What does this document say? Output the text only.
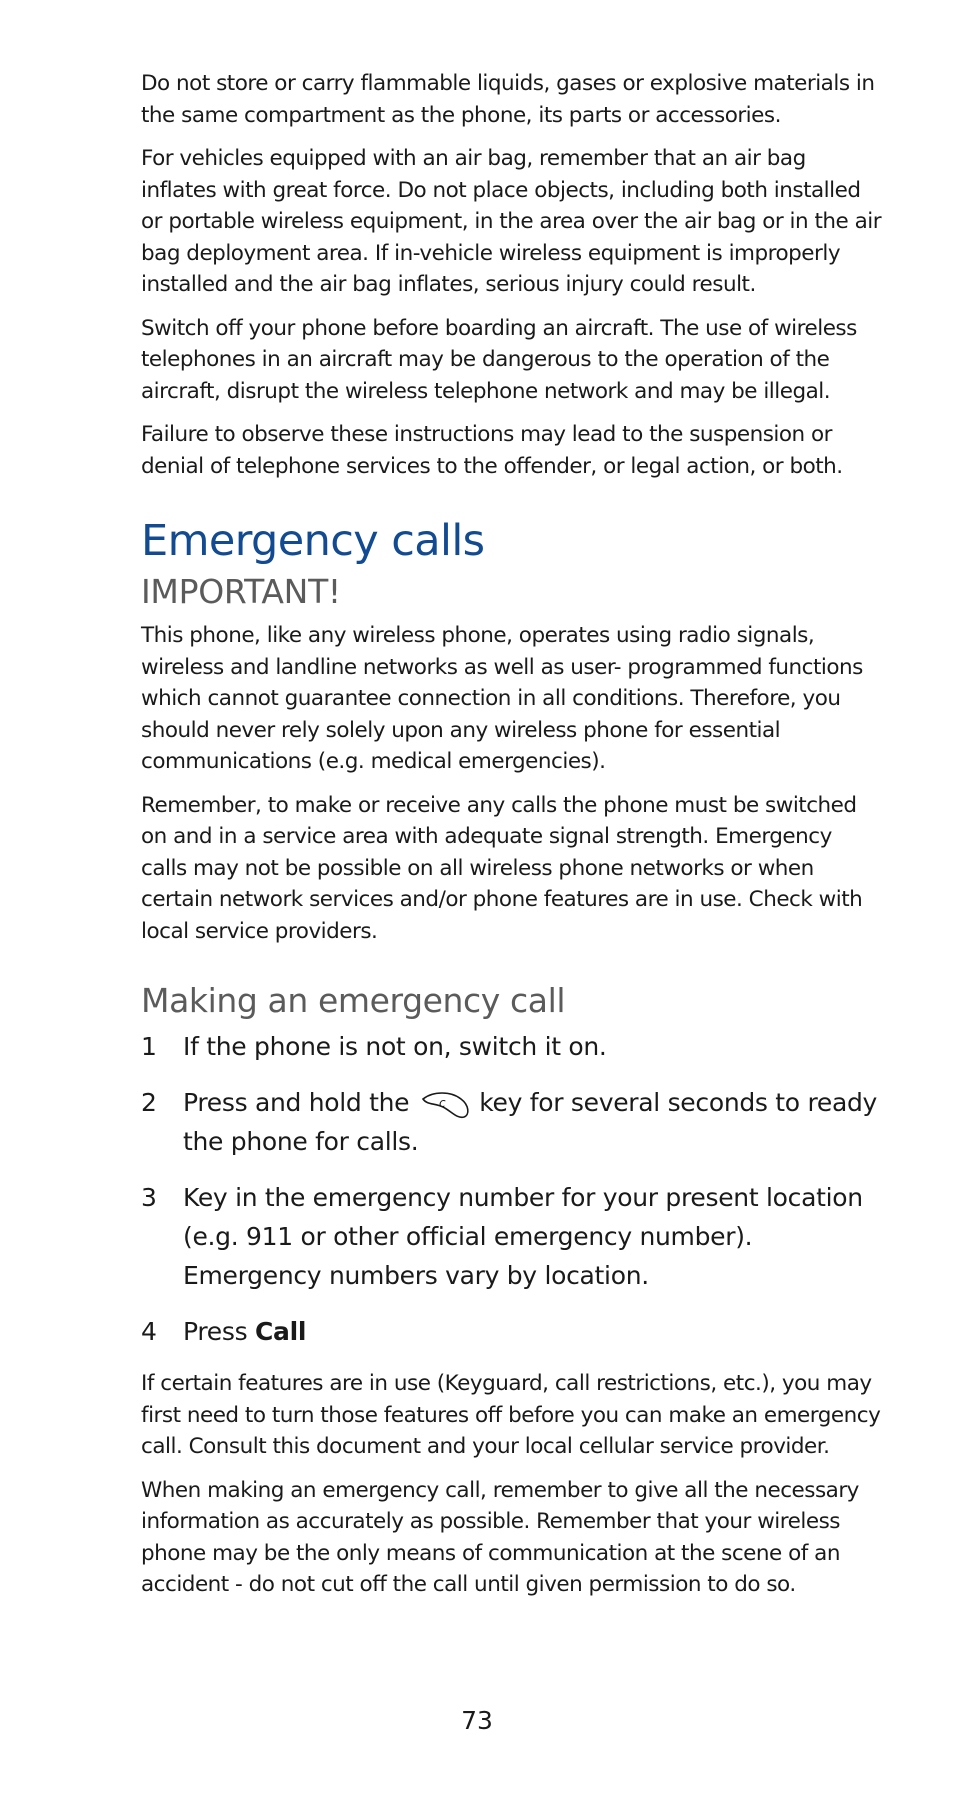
Do not store or carry flammable liquids, gases or explosive materials in the same compartment as the phone, its parts or accessories.

For vehicles equipped with an air bag, remember that an air bag inflates with great force. Do not place objects, including both installed or portable wireless equipment, in the area over the air bag or in the air bag deployment area. If in-vehicle wireless equipment is improperly installed and the air bag inflates, serious injury could result.

Switch off your phone before boarding an aircraft. The use of wireless telephones in an aircraft may be dangerous to the operation of the aircraft, disrupt the wireless telephone network and may be illegal.

Failure to observe these instructions may lead to the suspension or denial of telephone services to the offender, or legal action, or both.

Emergency calls
IMPORTANT!

This phone, like any wireless phone, operates using radio signals, wireless and landline networks as well as user- programmed functions which cannot guarantee connection in all conditions. Therefore, you should never rely solely upon any wireless phone for essential communications (e.g. medical emergencies).

Remember, to make or receive any calls the phone must be switched on and in a service area with adequate signal strength. Emergency calls may not be possible on all wireless phone networks or when certain network services and/or phone features are in use. Check with local service providers.

Making an emergency call
1	If the phone is not on, switch it on.
2	Press and hold the	c key for several seconds to ready the phone for calls.
3	Key in the emergency number for your present location (e.g. 911 or other official emergency number). Emergency numbers vary by location.
4	Press Call

If certain features are in use (Keyguard, call restrictions, etc.), you may first need to turn those features off before you can make an emergency call. Consult this document and your local cellular service provider.

When making an emergency call, remember to give all the necessary information as accurately as possible. Remember that your wireless phone may be the only means of communication at the scene of an accident - do not cut off the call until given permission to do so.

73
